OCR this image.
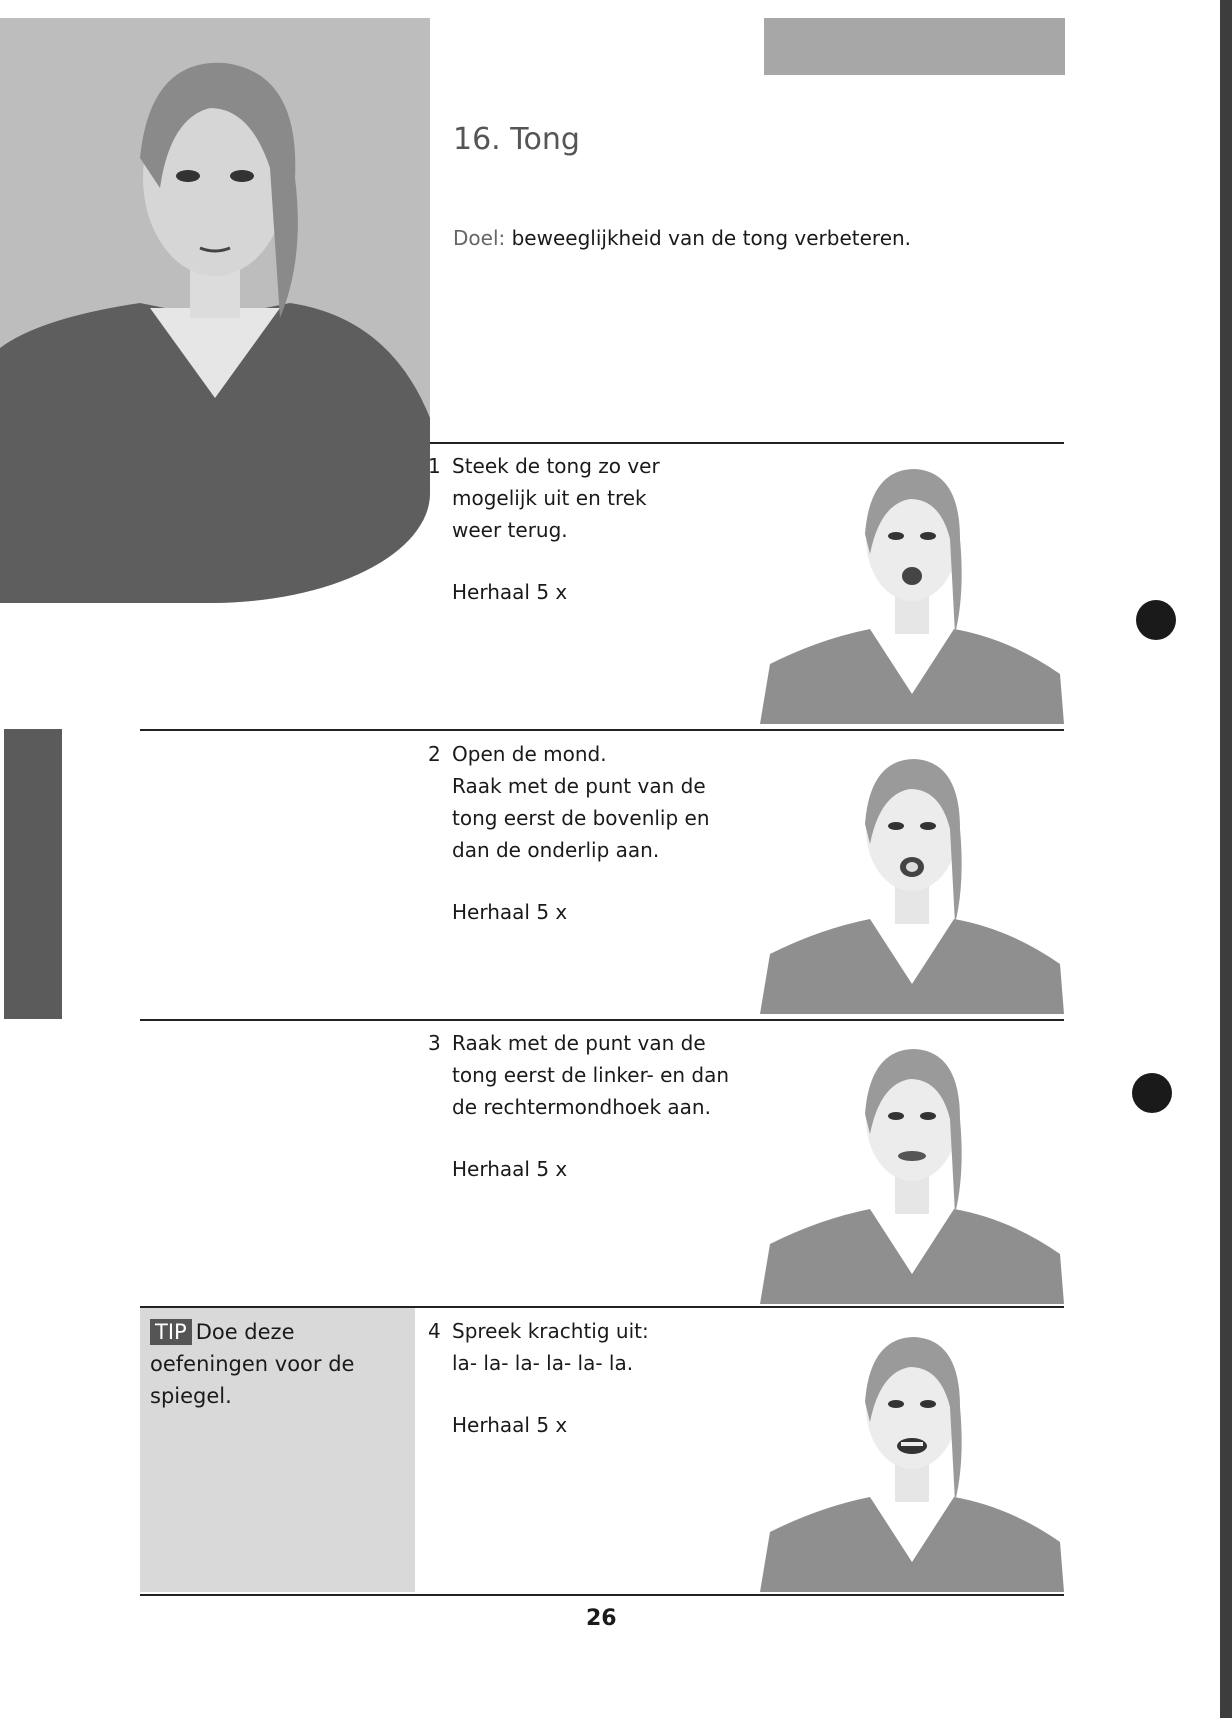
16. Tong
Doel: beweeglijkheid van de tong verbeteren.
1 Steek de tong zo ver
mogelijk uit en trek
weer terug.
Herhaal 5 x
2 Open de mond.
Raak met de punt van de
tong eerst de bovenlip en
dan de onderlip aan.
Herhaal 5 x
3 Raak met de punt van de
tong eerst de linker- en dan
de rechtermondhoek aan.
Herhaal 5 x
4 Spreek krachtig uit:
la- la- la- la- la- la.
Herhaal 5 x
TIP Doe deze oefeningen voor de spiegel.
26
